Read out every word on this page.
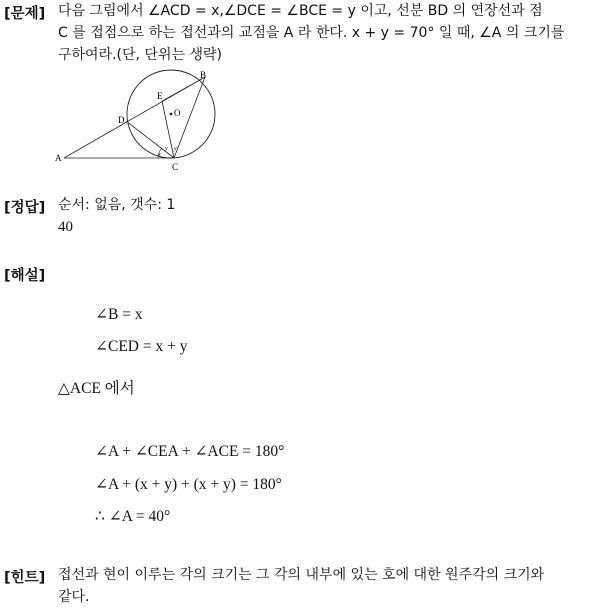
[문제] 다음 그림에서 ∠ACD = x,∠DCE = ∠BCE = y 이고, 선분 BD 의 연장선과 점
C 를 접점으로 하는 접선과의 교점을 A 라 한다. x + y = 70° 일 때, ∠A 의 크기를
구하여라.(단, 단위는 생략)
A
B
C
D
E
O
x
y y
[정답] 순서: 없음, 갯수: 1
40
[해설]
∠B = x
∠CED = x + y
△ACE 에서
∠A + ∠CEA + ∠ACE = 180°
∠A + (x + y) + (x + y) = 180°
∴ ∠A = 40°
[힌트] 접선과 현이 이루는 각의 크기는 그 각의 내부에 있는 호에 대한 원주각의 크기와
같다.
